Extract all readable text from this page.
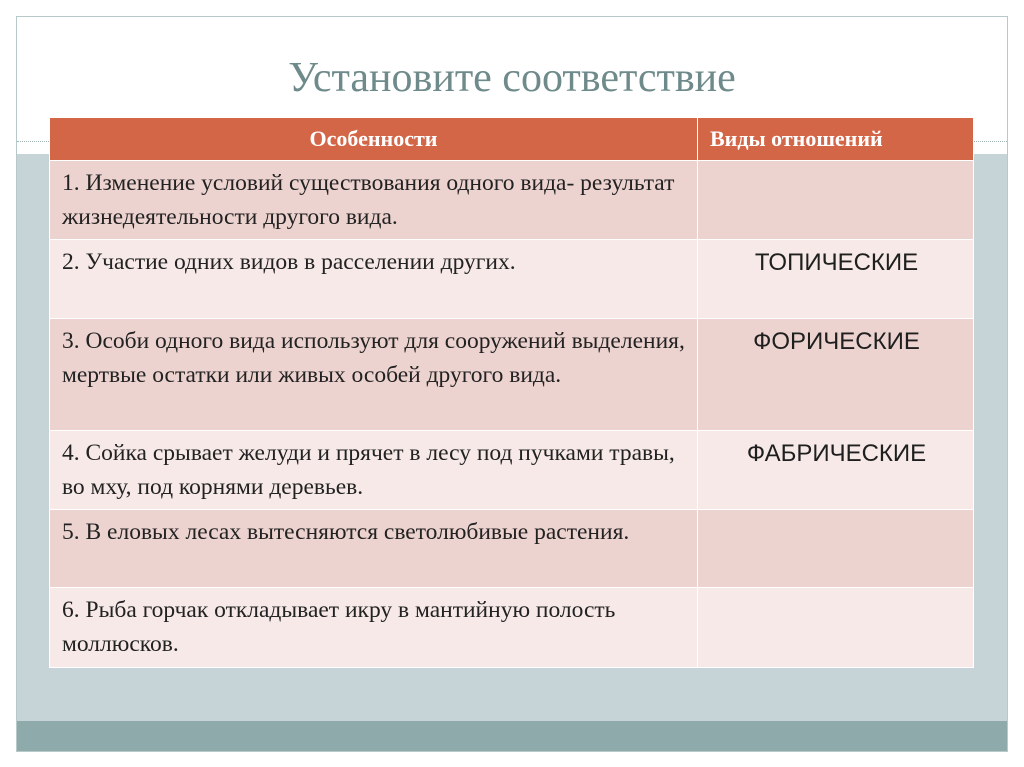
Установите соответствие
Особенности	Виды отношений
1. Изменение условий существования одного вида- результат жизнедеятельности другого вида.	
2. Участие одних видов в расселении других.	ТОПИЧЕСКИЕ
3. Особи одного вида используют для сооружений выделения, мертвые остатки или живых особей другого вида.	ФОРИЧЕСКИЕ
4. Сойка срывает желуди и прячет в лесу под пучками травы, во мху, под корнями деревьев.	ФАБРИЧЕСКИЕ
5. В еловых лесах вытесняются светолюбивые растения.	
6. Рыба горчак откладывает икру в мантийную полость моллюсков.	
